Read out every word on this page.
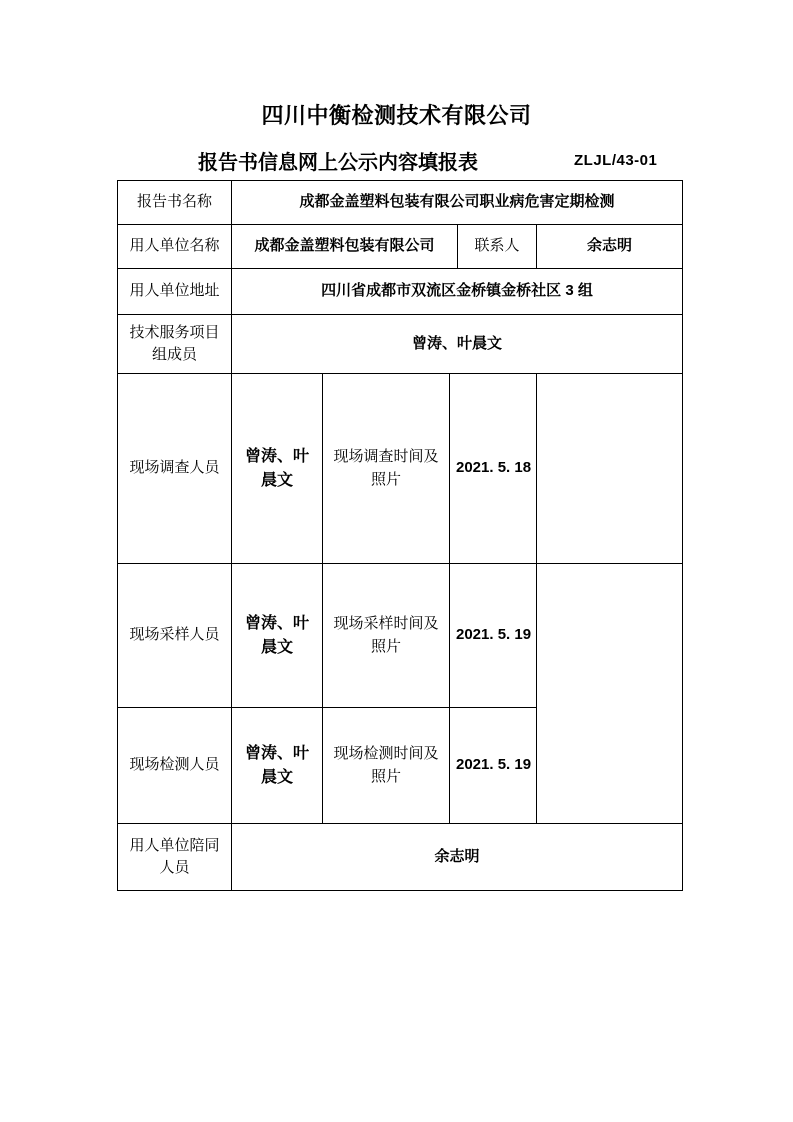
四川中衡检测技术有限公司
报告书信息网上公示内容填报表	ZLJL/43-01
报告书名称	成都金盖塑料包装有限公司职业病危害定期检测				
用人单位名称	成都金盖塑料包装有限公司			联系人	余志明
用人单位地址	四川省成都市双流区金桥镇金桥社区 3 组				
技术服务项目组成员	曾涛、叶晨文				
现场调查人员	曾涛、叶晨文	现场调查时间及照片	2021. 5. 18		
现场采样人员	曾涛、叶晨文	现场采样时间及照片	2021. 5. 19		
现场检测人员	曾涛、叶晨文	现场检测时间及照片	2021. 5. 19		
用人单位陪同人员	余志明				
